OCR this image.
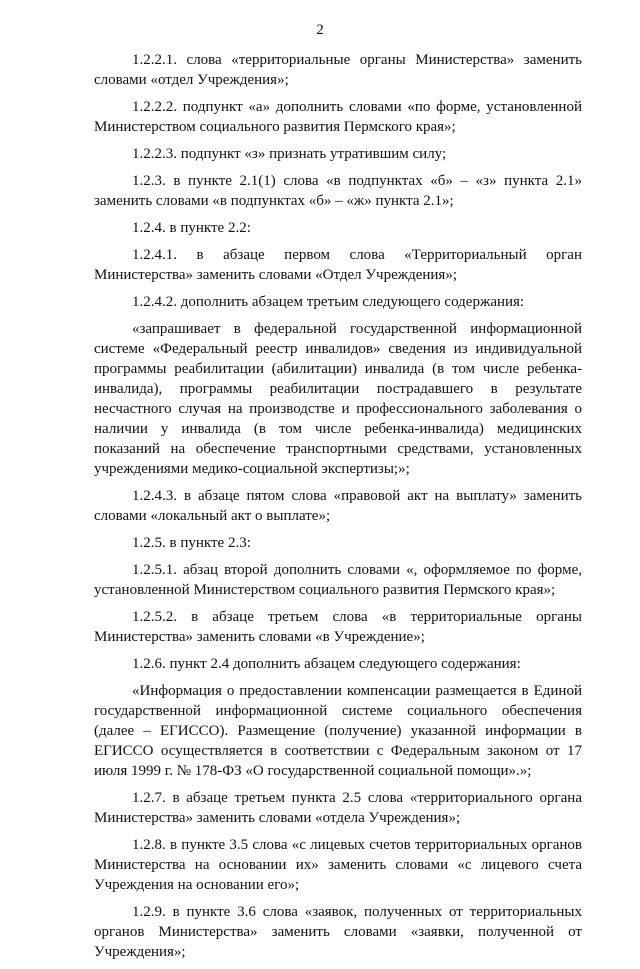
2

1.2.2.1. слова «территориальные органы Министерства» заменить словами «отдел Учреждения»;

1.2.2.2. подпункт «а» дополнить словами «по форме, установленной Министерством социального развития Пермского края»;

1.2.2.3. подпункт «з» признать утратившим силу;

1.2.3. в пункте 2.1(1) слова «в подпунктах «б» – «з» пункта 2.1» заменить словами «в подпунктах «б» – «ж» пункта 2.1»;

1.2.4. в пункте 2.2:

1.2.4.1. в абзаце первом слова «Территориальный орган Министерства» заменить словами «Отдел Учреждения»;

1.2.4.2. дополнить абзацем третьим следующего содержания:

«запрашивает в федеральной государственной информационной системе «Федеральный реестр инвалидов» сведения из индивидуальной программы реабилитации (абилитации) инвалида (в том числе ребенка-инвалида), программы реабилитации пострадавшего в результате несчастного случая на производстве и профессионального заболевания о наличии у инвалида (в том числе ребенка-инвалида) медицинских показаний на обеспечение транспортными средствами, установленных учреждениями медико-социальной экспертизы;»;

1.2.4.3. в абзаце пятом слова «правовой акт на выплату» заменить словами «локальный акт о выплате»;

1.2.5. в пункте 2.3:

1.2.5.1. абзац второй дополнить словами «, оформляемое по форме, установленной Министерством социального развития Пермского края»;

1.2.5.2. в абзаце третьем слова «в территориальные органы Министерства» заменить словами «в Учреждение»;

1.2.6. пункт 2.4 дополнить абзацем следующего содержания:

«Информация о предоставлении компенсации размещается в Единой государственной информационной системе социального обеспечения (далее – ЕГИССО). Размещение (получение) указанной информации в ЕГИССО осуществляется в соответствии с Федеральным законом от 17 июля 1999 г. № 178-ФЗ «О государственной социальной помощи».»;

1.2.7. в абзаце третьем пункта 2.5 слова «территориального органа Министерства» заменить словами «отдела Учреждения»;

1.2.8. в пункте 3.5 слова «с лицевых счетов территориальных органов Министерства на основании их» заменить словами «с лицевого счета Учреждения на основании его»;

1.2.9. в пункте 3.6 слова «заявок, полученных от территориальных органов Министерства» заменить словами «заявки, полученной от Учреждения»;
